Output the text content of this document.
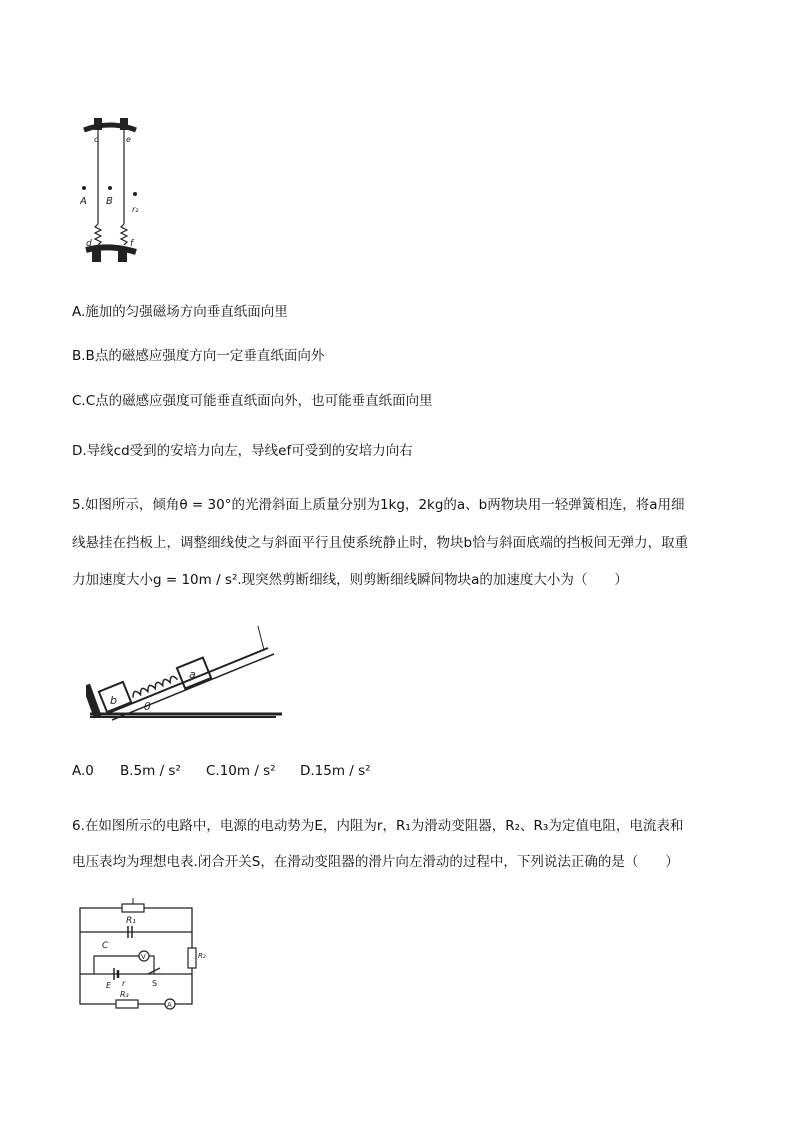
c	e
A B
r₂
d	f
A.施加的匀强磁场方向垂直纸面向里
B.B点的磁感应强度方向一定垂直纸面向外
C.C点的磁感应强度可能垂直纸面向外，也可能垂直纸面向里
D.导线cd受到的安培力向左，导线ef可受到的安培力向右
5.如图所示，倾角θ = 30°的光滑斜面上质量分别为1kg，2kg的a、b两物块用一轻弹簧相连，将a用细
线悬挂在挡板上，调整细线使之与斜面平行且使系统静止时，物块b恰与斜面底端的挡板间无弹力，取重
力加速度大小g = 10m / s².现突然剪断细线，则剪断细线瞬间物块a的加速度大小为（　　）
b
a
θ
A.0 B.5m / s² C.10m / s² D.15m / s²
6.在如图所示的电路中，电源的电动势为E，内阻为r，R₁为滑动变阻器，R₂、R₃为定值电阻，电流表和
电压表均为理想电表.闭合开关S，在滑动变阻器的滑片向左滑动的过程中，下列说法正确的是（　　）
R₁
C
R₂
V
E r	S
R₃
A
